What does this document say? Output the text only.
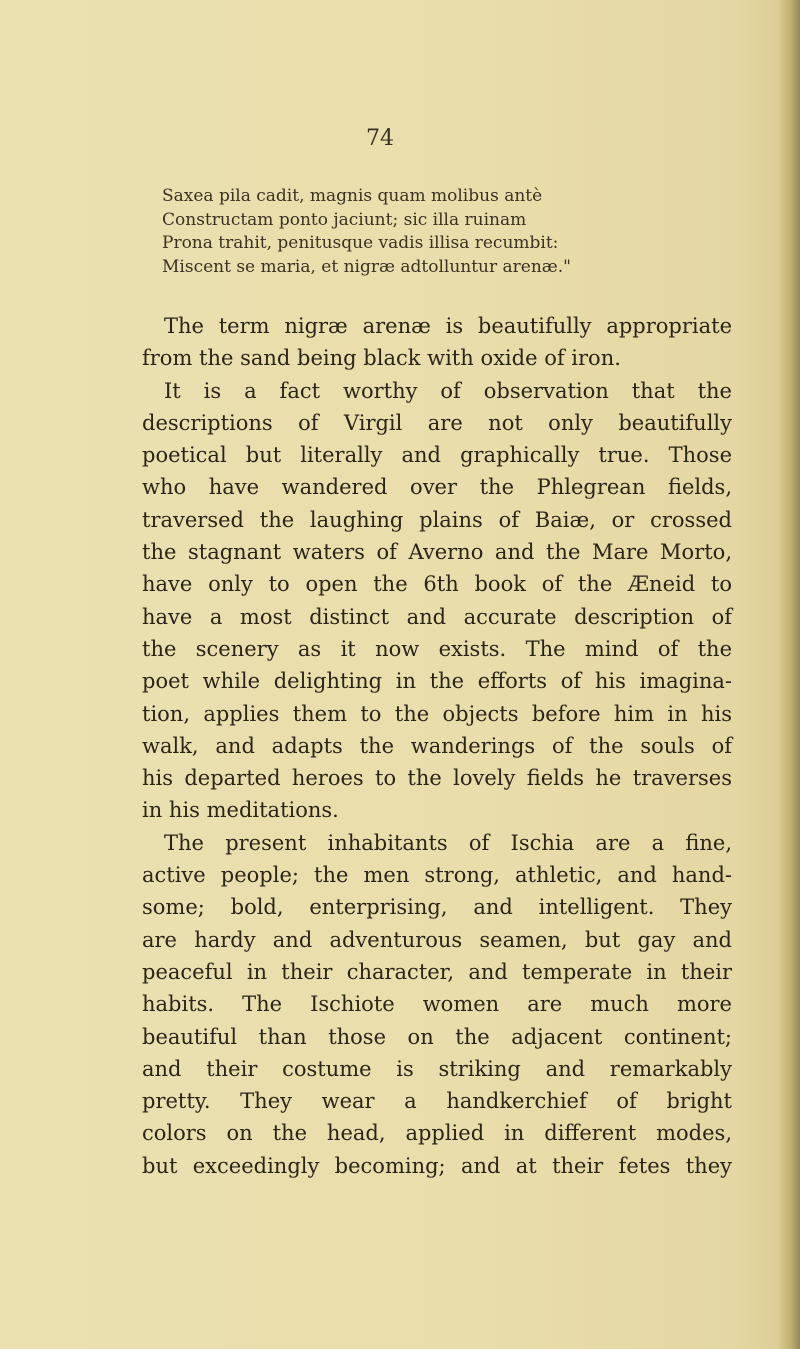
74
Saxea pila cadit, magnis quam molibus antè
Constructam ponto jaciunt; sic illa ruinam
Prona trahit, penitusque vadis illisa recumbit:
Miscent se maria, et nigræ adtolluntur arenæ."
The term nigræ arenæ is beautifully appropriate
from the sand being black with oxide of iron.
It is a fact worthy of observation that the
descriptions of Virgil are not only beautifully
poetical but literally and graphically true. Those
who have wandered over the Phlegrean fields,
traversed the laughing plains of Baiæ, or crossed
the stagnant waters of Averno and the Mare Morto,
have only to open the 6th book of the Æneid to
have a most distinct and accurate description of
the scenery as it now exists. The mind of the
poet while delighting in the efforts of his imagina-
tion, applies them to the objects before him in his
walk, and adapts the wanderings of the souls of
his departed heroes to the lovely fields he traverses
in his meditations.
The present inhabitants of Ischia are a fine,
active people; the men strong, athletic, and hand-
some; bold, enterprising, and intelligent. They
are hardy and adventurous seamen, but gay and
peaceful in their character, and temperate in their
habits. The Ischiote women are much more
beautiful than those on the adjacent continent;
and their costume is striking and remarkably
pretty. They wear a handkerchief of bright
colors on the head, applied in different modes,
but exceedingly becoming; and at their fetes they
